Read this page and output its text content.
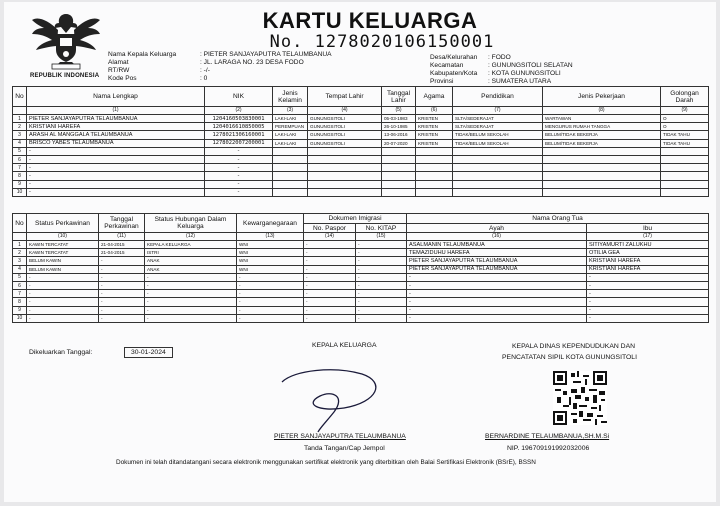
REPUBLIK INDONESIA
KARTU KELUARGA
No. 1278020106150001
Nama Kepala Keluarga	: PIETER SANJAYAPUTRA TELAUMBANUA
Alamat	: JL. LARAGA NO. 23 DESA FODO
RT/RW	: -/-
Kode Pos	: 0
Desa/Kelurahan	: FODO
Kecamatan	: GUNUNGSITOLI SELATAN
Kabupaten/Kota	: KOTA GUNUNGSITOLI
Provinsi	: SUMATERA UTARA
No	Nama Lengkap	NIK	Jenis Kelamin	Tempat Lahir	Tanggal Lahir	Agama	Pendidikan	Jenis Pekerjaan	Golongan Darah
	(1)	(2)	(3)	(4)	(5)	(6)	(7)	(8)	(9)
1	PIETER SANJAYAPUTRA TELAUMBANUA	1204160503830001	LAKI-LAKI	GUNUNGSITOLI	05-03-1983	KRISTEN	SLTA/SEDERAJAT	WARTAWAN	O
2	KRISTIANI HAREFA	1204016610850005	PEREMPUAN	GUNUNGSITOLI	26-10-1985	KRISTEN	SLTA/SEDERAJAT	MENGURUS RUMAH TANGGA	O
3	ARASH AL MANGGALA TELAUMBANUA	1278021306160001	LAKI-LAKI	GUNUNGSITOLI	13-06-2016	KRISTEN	TIDAK/BELUM SEKOLAH	BELUM/TIDAK BEKERJA	TIDAK TAHU
4	BRISCO YABES TELAUMBANUA	1278022007200001	LAKI-LAKI	GUNUNGSITOLI	20-07-2020	KRISTEN	TIDAK/BELUM SEKOLAH	BELUM/TIDAK BEKERJA	TIDAK TAHU
5	-	-							
6	-	-							
7	-	-							
8	-	-							
9	-	-							
10	-	-							
No	Status Perkawinan	Tanggal Perkawinan	Status Hubungan Dalam Keluarga	Kewarganegaraan	Dokumen Imigrasi		Nama Orang Tua	
					No. Paspor	No. KITAP	Ayah	Ibu
	(10)	(11)	(12)	(13)	(14)	(15)	(16)	(17)
1	KAWIN TERCATAT	21-04-2015	KEPALA KELUARGA	WNI	-	-	ASALMANIN TELAUMBANUA	SITIYAMURTI ZALUKHU
2	KAWIN TERCATAT	21-04-2015	ISTRI	WNI	-	-	TEMAZIDUHU HAREFA	OTILIA GEA
3	BELUM KAWIN	-	ANAK	WNI	-	-	PIETER SANJAYAPUTRA TELAUMBANUA	KRISTIANI HAREFA
4	BELUM KAWIN	-	ANAK	WNI	-	-	PIETER SANJAYAPUTRA TELAUMBANUA	KRISTIANI HAREFA
5	-	-	-	-	-	-	-	-
6	-	-	-	-	-	-	-	-
7	-	-	-	-	-	-	-	-
8	-	-	-	-	-	-	-	-
9	-	-	-	-	-	-	-	-
10	-	-	-	-	-	-	-	-
Dikeluarkan Tanggal:	30-01-2024
KEPALA KELUARGA
PIETER SANJAYAPUTRA TELAUMBANUA
Tanda Tangan/Cap Jempol
KEPALA DINAS KEPENDUDUKAN DAN
PENCATATAN SIPIL KOTA GUNUNGSITOLI
BERNARDINE TELAUMBANUA,SH.M.Si
NIP. 196709191992032006
Dokumen ini telah ditandatangani secara elektronik menggunakan sertifikat elektronik yang diterbitkan oleh Balai Sertifikasi Elektronik (BSrE), BSSN
